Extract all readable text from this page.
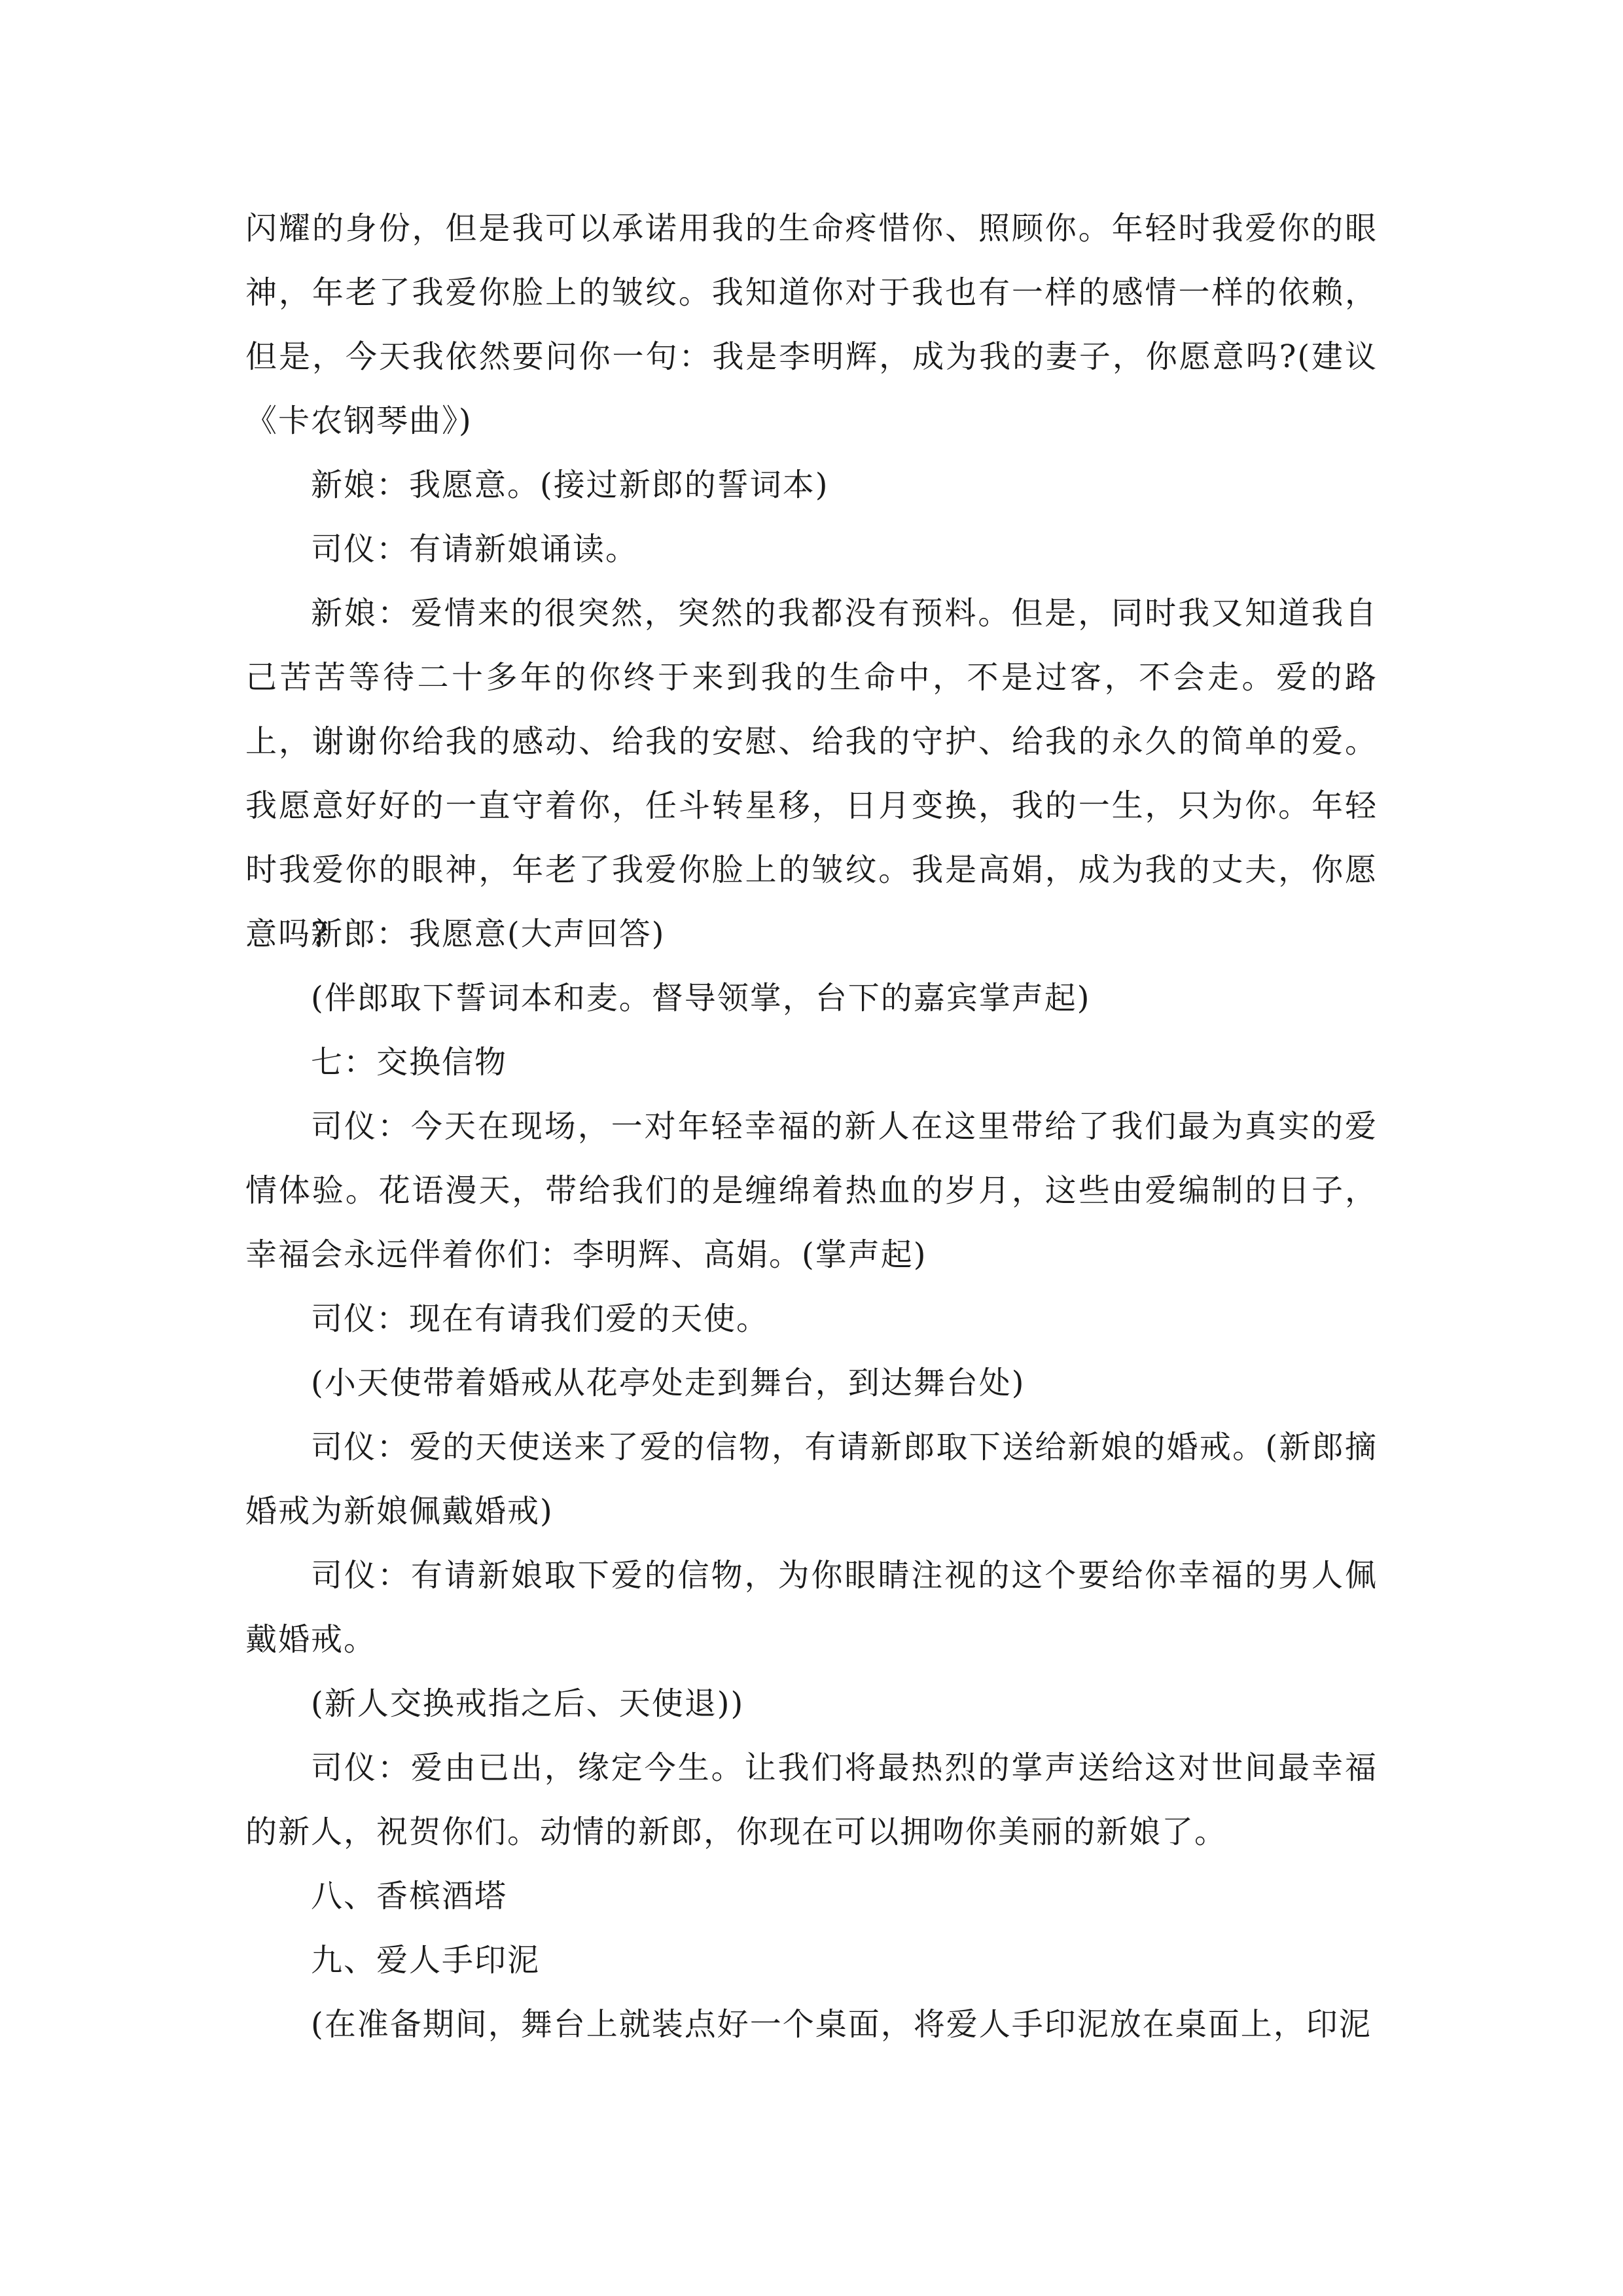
闪耀的身份，但是我可以承诺用我的生命疼惜你、照顾你。年轻时我爱你的眼神，年老了我爱你脸上的皱纹。我知道你对于我也有一样的感情一样的依赖，但是，今天我依然要问你一句：我是李明辉，成为我的妻子，你愿意吗?(建议《卡农钢琴曲》)

新娘：我愿意。(接过新郎的誓词本)

司仪：有请新娘诵读。

新娘：爱情来的很突然，突然的我都没有预料。但是，同时我又知道我自己苦苦等待二十多年的你终于来到我的生命中，不是过客，不会走。爱的路上，谢谢你给我的感动、给我的安慰、给我的守护、给我的永久的简单的爱。我愿意好好的一直守着你，任斗转星移，日月变换，我的一生，只为你。年轻时我爱你的眼神，年老了我爱你脸上的皱纹。我是高娟，成为我的丈夫，你愿意吗?

新郎：我愿意(大声回答)

(伴郎取下誓词本和麦。督导领掌，台下的嘉宾掌声起)

七：交换信物

司仪：今天在现场，一对年轻幸福的新人在这里带给了我们最为真实的爱情体验。花语漫天，带给我们的是缠绵着热血的岁月，这些由爱编制的日子，幸福会永远伴着你们：李明辉、高娟。(掌声起)

司仪：现在有请我们爱的天使。

(小天使带着婚戒从花亭处走到舞台，到达舞台处)

司仪：爱的天使送来了爱的信物，有请新郎取下送给新娘的婚戒。(新郎摘婚戒为新娘佩戴婚戒)

司仪：有请新娘取下爱的信物，为你眼睛注视的这个要给你幸福的男人佩戴婚戒。

(新人交换戒指之后、天使退))

司仪：爱由已出，缘定今生。让我们将最热烈的掌声送给这对世间最幸福的新人，祝贺你们。动情的新郎，你现在可以拥吻你美丽的新娘了。

八、香槟酒塔

九、爱人手印泥

(在准备期间，舞台上就装点好一个桌面，将爱人手印泥放在桌面上，印泥
